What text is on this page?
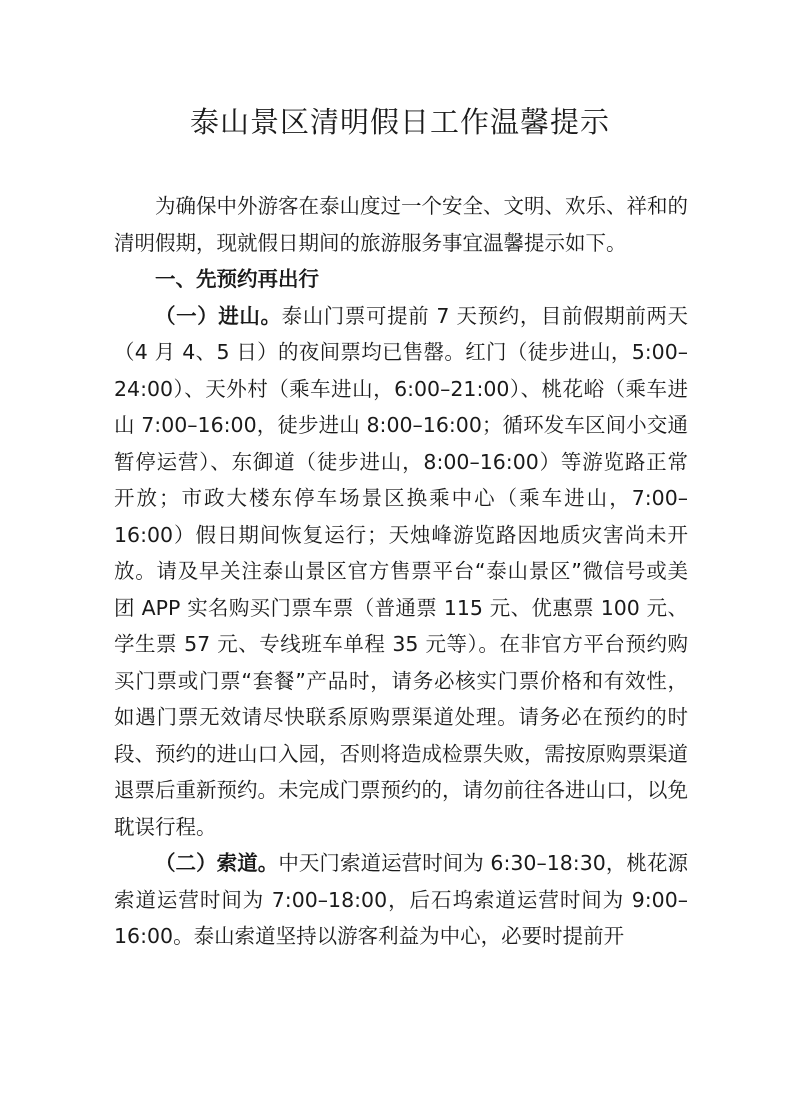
泰山景区清明假日工作温馨提示

为确保中外游客在泰山度过一个安全、文明、欢乐、祥和的清明假期，现就假日期间的旅游服务事宜温馨提示如下。

一、先预约再出行

（一）进山。泰山门票可提前 7 天预约，目前假期前两天（4 月 4、5 日）的夜间票均已售罄。红门（徒步进山，5:00–24:00）、天外村（乘车进山，6:00–21:00）、桃花峪（乘车进山 7:00–16:00，徒步进山 8:00–16:00；循环发车区间小交通暂停运营）、东御道（徒步进山，8:00–16:00）等游览路正常开放；市政大楼东停车场景区换乘中心（乘车进山，7:00–16:00）假日期间恢复运行；天烛峰游览路因地质灾害尚未开放。请及早关注泰山景区官方售票平台“泰山景区”微信号或美团 APP 实名购买门票车票（普通票 115 元、优惠票 100 元、学生票 57 元、专线班车单程 35 元等）。在非官方平台预约购买门票或门票“套餐”产品时，请务必核实门票价格和有效性，如遇门票无效请尽快联系原购票渠道处理。请务必在预约的时段、预约的进山口入园，否则将造成检票失败，需按原购票渠道退票后重新预约。未完成门票预约的，请勿前往各进山口，以免耽误行程。

（二）索道。中天门索道运营时间为 6:30–18:30，桃花源索道运营时间为 7:00–18:00，后石坞索道运营时间为 9:00–16:00。泰山索道坚持以游客利益为中心，必要时提前开
